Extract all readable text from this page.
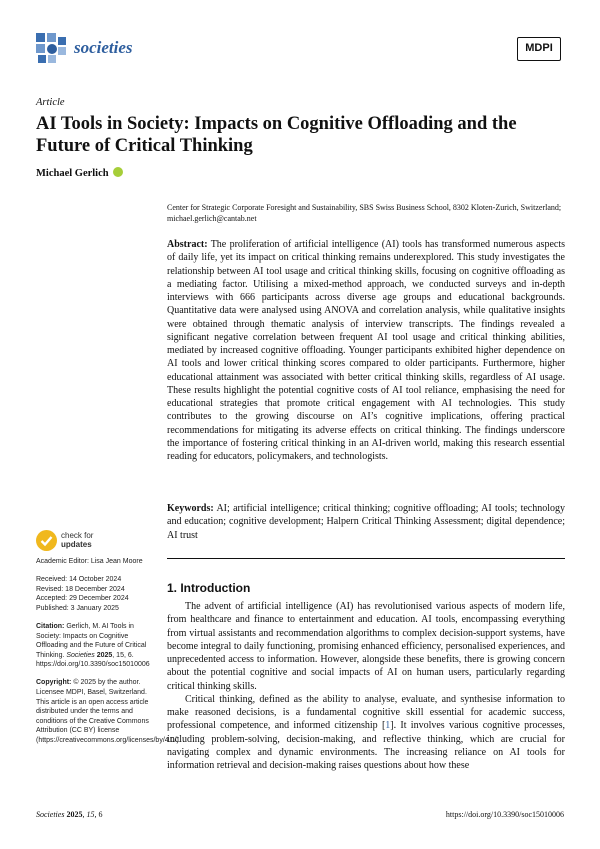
societies	MDPI
Article
AI Tools in Society: Impacts on Cognitive Offloading and the Future of Critical Thinking
Michael Gerlich
Center for Strategic Corporate Foresight and Sustainability, SBS Swiss Business School, 8302 Kloten-Zurich, Switzerland; michael.gerlich@cantab.net
Abstract: The proliferation of artificial intelligence (AI) tools has transformed numerous aspects of daily life, yet its impact on critical thinking remains underexplored. This study investigates the relationship between AI tool usage and critical thinking skills, focusing on cognitive offloading as a mediating factor. Utilising a mixed-method approach, we conducted surveys and in-depth interviews with 666 participants across diverse age groups and educational backgrounds. Quantitative data were analysed using ANOVA and correlation analysis, while qualitative insights were obtained through thematic analysis of interview transcripts. The findings revealed a significant negative correlation between frequent AI tool usage and critical thinking abilities, mediated by increased cognitive offloading. Younger participants exhibited higher dependence on AI tools and lower critical thinking scores compared to older participants. Furthermore, higher educational attainment was associated with better critical thinking skills, regardless of AI usage. These results highlight the potential cognitive costs of AI tool reliance, emphasising the need for educational strategies that promote critical engagement with AI technologies. This study contributes to the growing discourse on AI’s cognitive implications, offering practical recommendations for mitigating its adverse effects on critical thinking. The findings underscore the importance of fostering critical thinking in an AI-driven world, making this research essential reading for educators, policymakers, and technologists.
Keywords: AI; artificial intelligence; critical thinking; cognitive offloading; AI tools; technology and education; cognitive development; Halpern Critical Thinking Assessment; digital dependence; AI trust
1. Introduction

The advent of artificial intelligence (AI) has revolutionised various aspects of modern life, from healthcare and finance to entertainment and education. AI tools, encompassing everything from virtual assistants and recommendation algorithms to complex decision-support systems, have become integral to daily functioning, promising enhanced efficiency, personalised experiences, and unprecedented access to information. However, alongside these benefits, there is growing concern about the potential cognitive and social impacts of AI on human users, particularly regarding critical thinking skills.

Critical thinking, defined as the ability to analyse, evaluate, and synthesise information to make reasoned decisions, is a fundamental cognitive skill essential for academic success, professional competence, and informed citizenship [1]. It involves various cognitive processes, including problem-solving, decision-making, and reflective thinking, which are crucial for navigating complex and dynamic environments. The increasing reliance on AI tools for information retrieval and decision-making raises questions about how these

check for
updates
Academic Editor: Lisa Jean Moore
Received: 14 October 2024
Revised: 18 December 2024
Accepted: 29 December 2024
Published: 3 January 2025
Citation: Gerlich, M. AI Tools in Society: Impacts on Cognitive Offloading and the Future of Critical Thinking. Societies 2025, 15, 6. https://doi.org/10.3390/soc15010006
Copyright: © 2025 by the author. Licensee MDPI, Basel, Switzerland. This article is an open access article distributed under the terms and conditions of the Creative Commons Attribution (CC BY) license (https://creativecommons.org/licenses/by/4.0/).
Societies 2025, 15, 6	https://doi.org/10.3390/soc15010006
